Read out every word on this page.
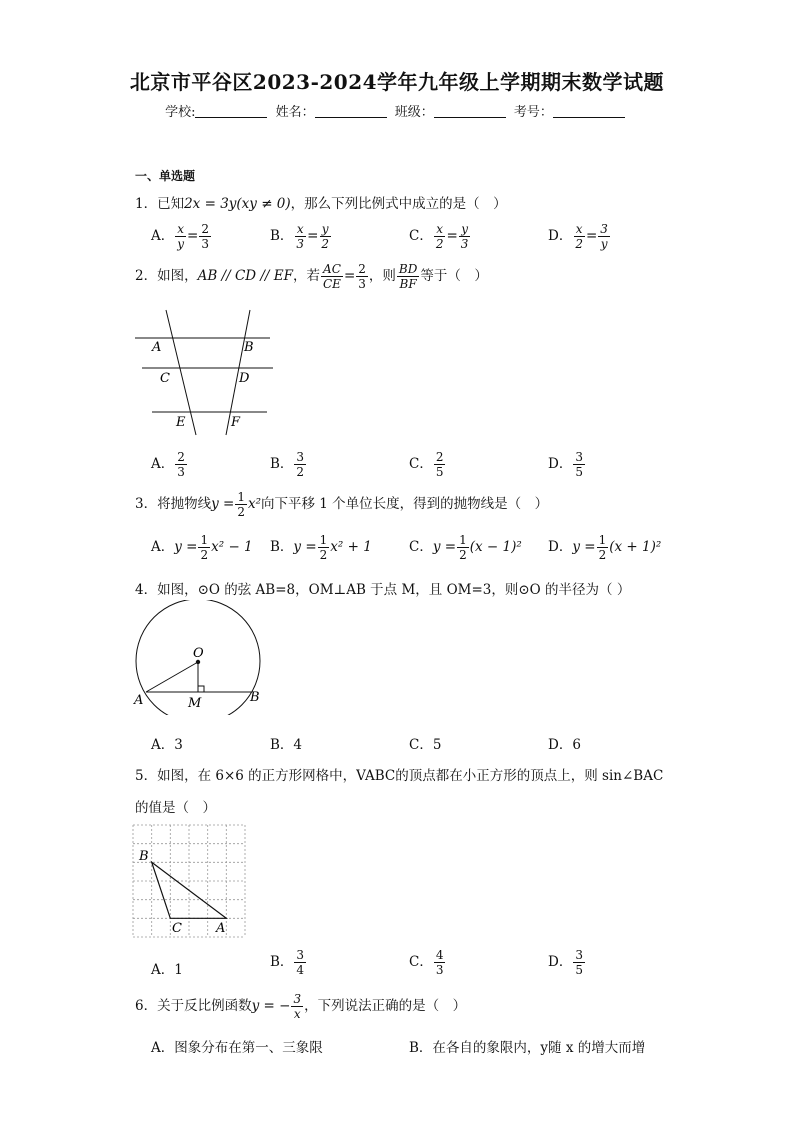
北京市平谷区2023-2024学年九年级上学期期末数学试题
学校:	姓名：	班级：	考号：
一、单选题
1．已知2x = 3y(xy ≠ 0)，那么下列比例式中成立的是（　）
A． $\frac{x}{y} = \frac{2}{3}$	B． $\frac{x}{3} = \frac{y}{2}$	C． $\frac{x}{2} = \frac{y}{3}$	D． $\frac{x}{2} = \frac{3}{y}$
2．如图，AB // CD // EF，若 $\frac{AC}{CE} = \frac{2}{3}$ ，则 $\frac{BD}{BF}$ 等于（　）
A	B
C	D
E	F
A． $\frac{2}{3}$	B． $\frac{3}{2}$	C． $\frac{2}{5}$	D． $\frac{3}{5}$
3．将抛物线$y = \frac{1}{2} x^2$向下平移 1 个单位长度，得到的抛物线是（　）
A．$y = \frac{1}{2} x^2 - 1$ B．$y = \frac{1}{2} x^2 + 1$	C．$y = \frac{1}{2} (x - 1)^2$ D．$y = \frac{1}{2} (x + 1)^2$
4．如图，⊙O 的弦 AB=8，OM⊥AB 于点 M，且 OM=3，则⊙O 的半径为（ ）
O
A	M	B
A．3	B．4	C．5	D．6
5．如图，在 6×6 的正方形网格中，VABC的顶点都在小正方形的顶点上，则 sin∠BAC
的值是（　）
B
C	A
A．1	B． $\frac{3}{4}$	C． $\frac{4}{3}$	D． $\frac{3}{5}$
6．关于反比例函数y = − $\frac{3}{x}$ ，下列说法正确的是（　）
A．图象分布在第一、三象限	B．在各自的象限内，y随 x 的增大而增
